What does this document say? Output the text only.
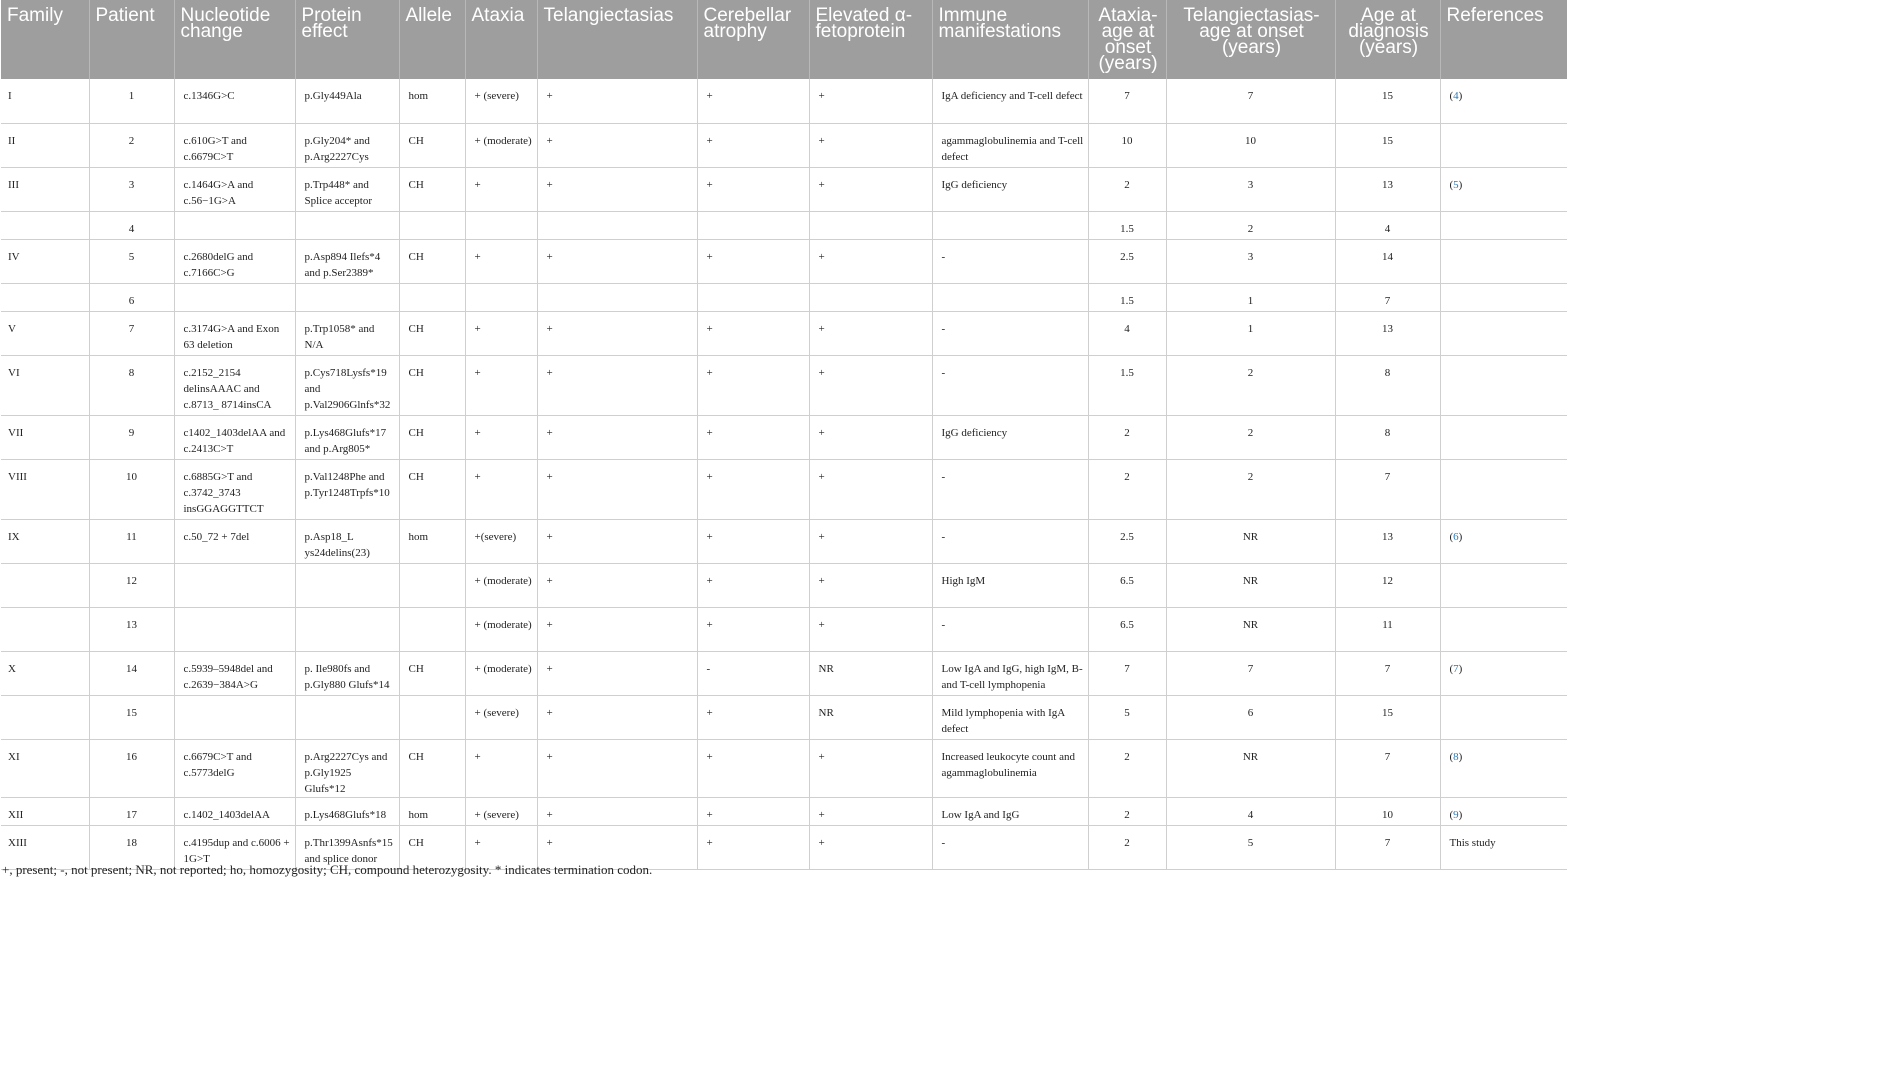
Family	Patient	Nucleotide change	Protein effect	Allele	Ataxia	Telangiectasias	Cerebellar atrophy	Elevated α-fetoprotein	Immune manifestations	Ataxia-age at onset (years)	Telangiectasias-age at onset (years)	Age at diagnosis (years)	References
I	1	c.1346G>C	p.Gly449Ala	hom	+ (severe)	+	+	+	IgA deficiency and T-cell defect	7	7	15	(4)
II	2	c.610G>T and c.6679C>T	p.Gly204* and p.Arg2227Cys	CH	+ (moderate)	+	+	+	agammaglobulinemia and T-cell defect	10	10	15	
III	3	c.1464G>A and c.56−1G>A	p.Trp448* and Splice acceptor	CH	+	+	+	+	IgG deficiency	2	3	13	(5)
	4									1.5	2	4	
IV	5	c.2680delG and c.7166C>G	p.Asp894 Ilefs*4 and p.Ser2389*	CH	+	+	+	+	-	2.5	3	14	
	6									1.5	1	7	
V	7	c.3174G>A and Exon 63 deletion	p.Trp1058* and N/A	CH	+	+	+	+	-	4	1	13	
VI	8	c.2152_2154 delinsAAAC and c.8713_ 8714insCA	p.Cys718Lysfs*19 and p.Val2906Glnfs*32	CH	+	+	+	+	-	1.5	2	8	
VII	9	c1402_1403delAA and c.2413C>T	p.Lys468Glufs*17 and p.Arg805*	CH	+	+	+	+	IgG deficiency	2	2	8	
VIII	10	c.6885G>T and c.3742_3743 insGGAGGTTCT	p.Val1248Phe and p.Tyr1248Trpfs*10	CH	+	+	+	+	-	2	2	7	
IX	11	c.50_72 + 7del	p.Asp18_L ys24delins(23)	hom	+(severe)	+	+	+	-	2.5	NR	13	(6)
	12				+ (moderate)	+	+	+	High IgM	6.5	NR	12	
	13				+ (moderate)	+	+	+	-	6.5	NR	11	
X	14	c.5939–5948del and c.2639−384A>G	p. Ile980fs and p.Gly880 Glufs*14	CH	+ (moderate)	+	-	NR	Low IgA and IgG, high IgM, B- and T-cell lymphopenia	7	7	7	(7)
	15				+ (severe)	+	+	NR	Mild lymphopenia with IgA defect	5	6	15	
XI	16	c.6679C>T and c.5773delG	p.Arg2227Cys and p.Gly1925 Glufs*12	CH	+	+	+	+	Increased leukocyte count and agammaglobulinemia	2	NR	7	(8)
XII	17	c.1402_1403delAA	p.Lys468Glufs*18	hom	+ (severe)	+	+	+	Low IgA and IgG	2	4	10	(9)
XIII	18	c.4195dup and c.6006 + 1G>T	p.Thr1399Asnfs*15 and splice donor	CH	+	+	+	+	-	2	5	7	This study
+, present; -, not present; NR, not reported; ho, homozygosity; CH, compound heterozygosity. * indicates termination codon.
